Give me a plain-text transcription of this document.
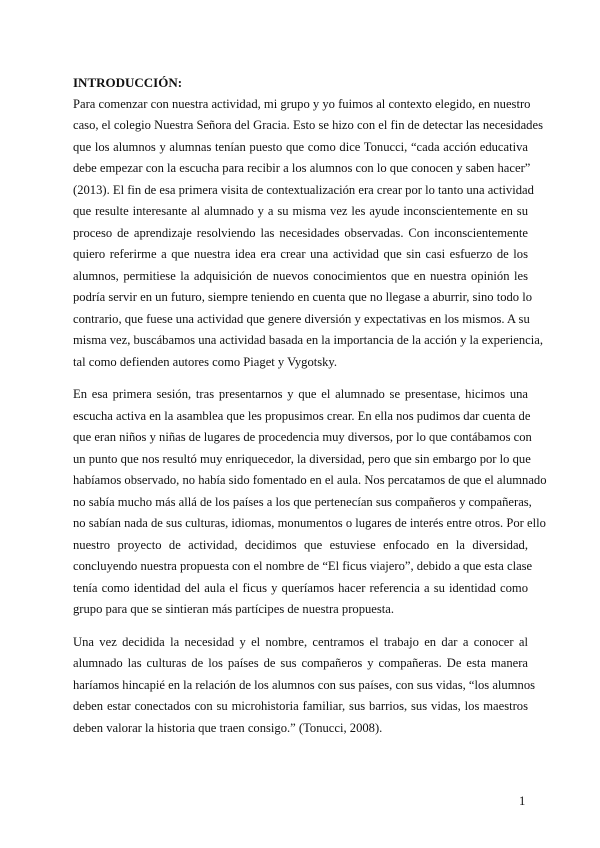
INTRODUCCIÓN:
Para comenzar con nuestra actividad, mi grupo y yo fuimos al contexto elegido, en nuestro
caso, el colegio Nuestra Señora del Gracia. Esto se hizo con el fin de detectar las necesidades
que los alumnos y alumnas tenían puesto que como dice Tonucci, “cada acción educativa
debe empezar con la escucha para recibir a los alumnos con lo que conocen y saben hacer”
(2013). El fin de esa primera visita de contextualización era crear por lo tanto una actividad
que resulte interesante al alumnado y a su misma vez les ayude inconscientemente en su
proceso de aprendizaje resolviendo las necesidades observadas. Con inconscientemente
quiero referirme a que nuestra idea era crear una actividad que sin casi esfuerzo de los
alumnos, permitiese la adquisición de nuevos conocimientos que en nuestra opinión les
podría servir en un futuro, siempre teniendo en cuenta que no llegase a aburrir, sino todo lo
contrario, que fuese una actividad que genere diversión y expectativas en los mismos. A su
misma vez, buscábamos una actividad basada en la importancia de la acción y la experiencia,
tal como defienden autores como Piaget y Vygotsky.
En esa primera sesión, tras presentarnos y que el alumnado se presentase, hicimos una
escucha activa en la asamblea que les propusimos crear. En ella nos pudimos dar cuenta de
que eran niños y niñas de lugares de procedencia muy diversos, por lo que contábamos con
un punto que nos resultó muy enriquecedor, la diversidad, pero que sin embargo por lo que
habíamos observado, no había sido fomentado en el aula. Nos percatamos de que el alumnado
no sabía mucho más allá de los países a los que pertenecían sus compañeros y compañeras,
no sabían nada de sus culturas, idiomas, monumentos o lugares de interés entre otros. Por ello
nuestro proyecto de actividad, decidimos que estuviese enfocado en la diversidad,
concluyendo nuestra propuesta con el nombre de “El ficus viajero”, debido a que esta clase
tenía como identidad del aula el ficus y queríamos hacer referencia a su identidad como
grupo para que se sintieran más partícipes de nuestra propuesta.
Una vez decidida la necesidad y el nombre, centramos el trabajo en dar a conocer al
alumnado las culturas de los países de sus compañeros y compañeras. De esta manera
haríamos hincapié en la relación de los alumnos con sus países, con sus vidas, “los alumnos
deben estar conectados con su microhistoria familiar, sus barrios, sus vidas, los maestros
deben valorar la historia que traen consigo.” (Tonucci, 2008).
1
